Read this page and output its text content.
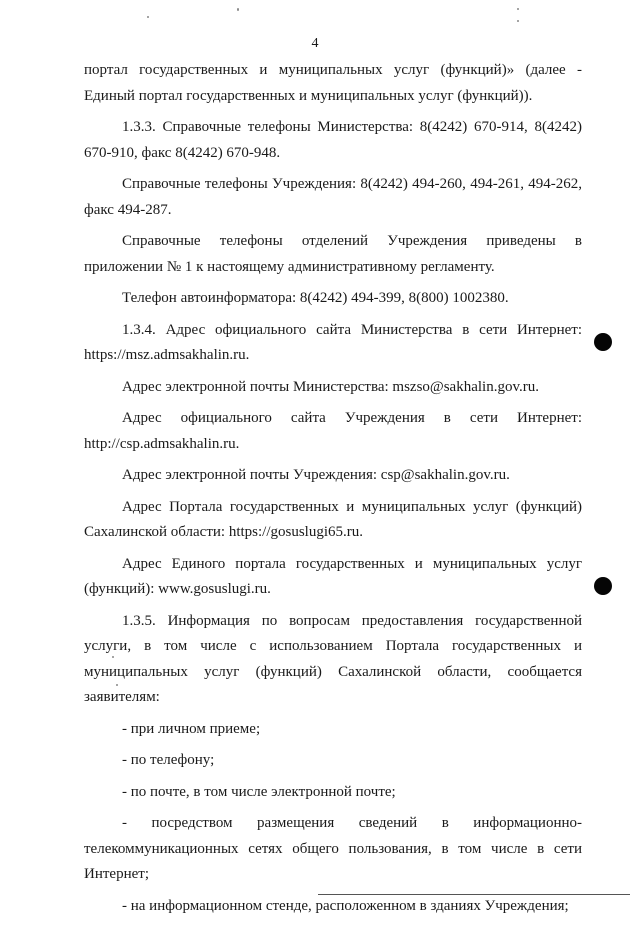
4

портал государственных и муниципальных услуг (функций)» (далее - Единый портал государственных и муниципальных услуг (функций)).

1.3.3. Справочные телефоны Министерства: 8(4242) 670-914, 8(4242) 670-910, факс 8(4242) 670-948.

Справочные телефоны Учреждения: 8(4242) 494-260, 494-261, 494-262, факс 494-287.

Справочные телефоны отделений Учреждения приведены в приложении № 1 к настоящему административному регламенту.

Телефон автоинформатора: 8(4242) 494-399, 8(800) 1002380.

1.3.4. Адрес официального сайта Министерства в сети Интернет: https://msz.admsakhalin.ru.

Адрес электронной почты Министерства: mszso@sakhalin.gov.ru.

Адрес официального сайта Учреждения в сети Интернет: http://csp.admsakhalin.ru.

Адрес электронной почты Учреждения: csp@sakhalin.gov.ru.

Адрес Портала государственных и муниципальных услуг (функций) Сахалинской области: https://gosuslugi65.ru.

Адрес Единого портала государственных и муниципальных услуг (функций): www.gosuslugi.ru.

1.3.5. Информация по вопросам предоставления государственной услуги, в том числе с использованием Портала государственных и муниципальных услуг (функций) Сахалинской области, сообщается заявителям:

- при личном приеме;
- по телефону;
- по почте, в том числе электронной почте;
- посредством размещения сведений в информационно-телекоммуникационных сетях общего пользования, в том числе в сети Интернет;
- на информационном стенде, расположенном в зданиях Учреждения;
